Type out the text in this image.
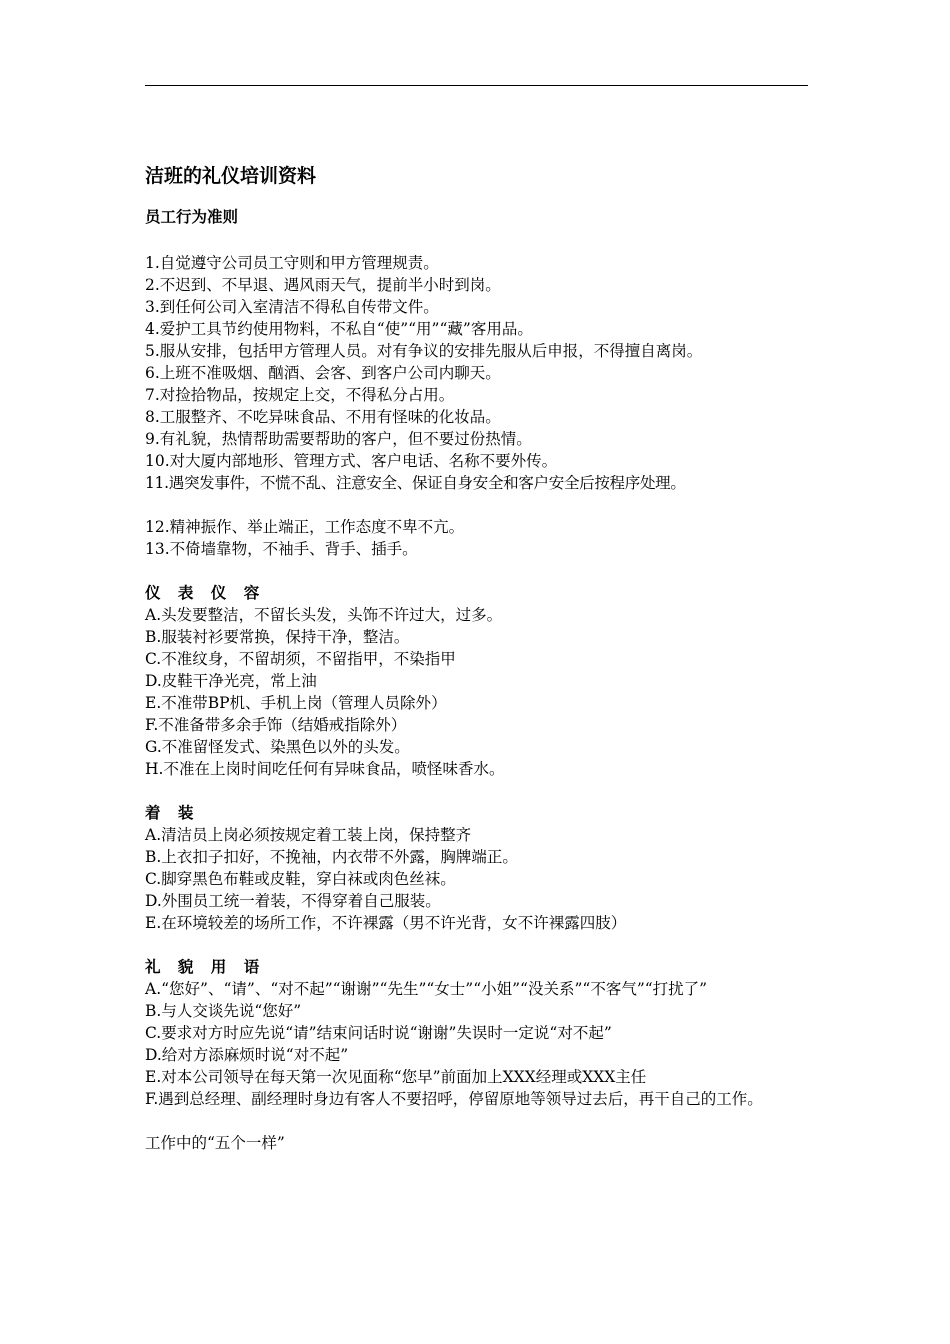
洁班的礼仪培训资料

员工行为准则

1.自觉遵守公司员工守则和甲方管理规责。

2.不迟到、不早退、遇风雨天气，提前半小时到岗。

3.到任何公司入室清洁不得私自传带文件。

4.爱护工具节约使用物料，不私自“使”“用”“藏”客用品。

5.服从安排，包括甲方管理人员。对有争议的安排先服从后申报，不得擅自离岗。

6.上班不准吸烟、酗酒、会客、到客户公司内聊天。

7.对捡拾物品，按规定上交，不得私分占用。

8.工服整齐、不吃异味食品、不用有怪味的化妆品。

9.有礼貌，热情帮助需要帮助的客户，但不要过份热情。

10.对大厦内部地形、管理方式、客户电话、名称不要外传。

11.遇突发事件，不慌不乱、注意安全、保证自身安全和客户安全后按程序处理。

12.精神振作、举止端正，工作态度不卑不亢。

13.不倚墙靠物，不袖手、背手、插手。

仪 表 仪 容

A.头发要整洁，不留长头发，头饰不许过大，过多。

B.服装衬衫要常换，保持干净，整洁。

C.不准纹身，不留胡须，不留指甲，不染指甲

D.皮鞋干净光亮，常上油

E.不准带BP机、手机上岗（管理人员除外）

F.不准备带多余手饰（结婚戒指除外）

G.不准留怪发式、染黑色以外的头发。

H.不准在上岗时间吃任何有异味食品，喷怪味香水。

着 装

A.清洁员上岗必须按规定着工装上岗，保持整齐

B.上衣扣子扣好，不挽袖，内衣带不外露，胸牌端正。

C.脚穿黑色布鞋或皮鞋，穿白袜或肉色丝袜。

D.外围员工统一着装，不得穿着自己服装。

E.在环境较差的场所工作，不许裸露（男不许光背，女不许裸露四肢）

礼 貌 用 语

A.“您好”、“请”、“对不起”“谢谢”“先生”“女士”“小姐”“没关系”“不客气”“打扰了”

B.与人交谈先说“您好”

C.要求对方时应先说“请”结束问话时说“谢谢”失误时一定说“对不起”

D.给对方添麻烦时说“对不起”

E.对本公司领导在每天第一次见面称“您早”前面加上XXX经理或XXX主任

F.遇到总经理、副经理时身边有客人不要招呼，停留原地等领导过去后，再干自己的工作。

工作中的“五个一样”
